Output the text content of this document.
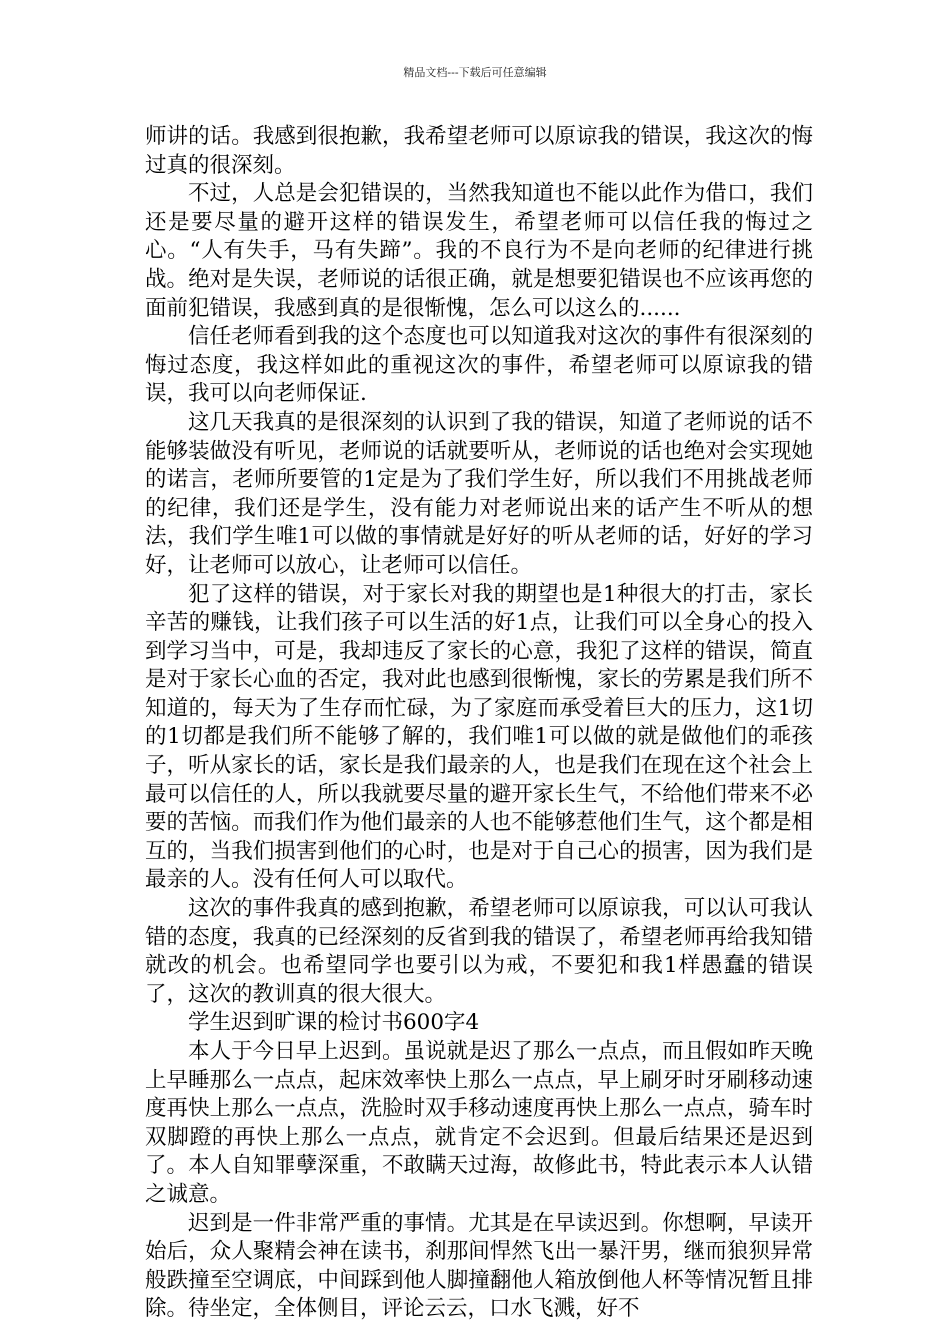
精品文档---下载后可任意编辑

师讲的话。我感到很抱歉，我希望老师可以原谅我的错误，我这次的悔过真的很深刻。

不过，人总是会犯错误的，当然我知道也不能以此作为借口，我们还是要尽量的避开这样的错误发生，希望老师可以信任我的悔过之心。“人有失手，马有失蹄”。我的不良行为不是向老师的纪律进行挑战。绝对是失误，老师说的话很正确，就是想要犯错误也不应该再您的面前犯错误，我感到真的是很惭愧，怎么可以这么的......

信任老师看到我的这个态度也可以知道我对这次的事件有很深刻的悔过态度，我这样如此的重视这次的事件，希望老师可以原谅我的错误，我可以向老师保证.

这几天我真的是很深刻的认识到了我的错误，知道了老师说的话不能够装做没有听见，老师说的话就要听从，老师说的话也绝对会实现她的诺言，老师所要管的1定是为了我们学生好，所以我们不用挑战老师的纪律，我们还是学生，没有能力对老师说出来的话产生不听从的想法，我们学生唯1可以做的事情就是好好的听从老师的话，好好的学习好，让老师可以放心，让老师可以信任。

犯了这样的错误，对于家长对我的期望也是1种很大的打击，家长辛苦的赚钱，让我们孩子可以生活的好1点，让我们可以全身心的投入到学习当中，可是，我却违反了家长的心意，我犯了这样的错误，简直是对于家长心血的否定，我对此也感到很惭愧，家长的劳累是我们所不知道的，每天为了生存而忙碌，为了家庭而承受着巨大的压力，这1切的1切都是我们所不能够了解的，我们唯1可以做的就是做他们的乖孩子，听从家长的话，家长是我们最亲的人，也是我们在现在这个社会上最可以信任的人，所以我就要尽量的避开家长生气，不给他们带来不必要的苦恼。而我们作为他们最亲的人也不能够惹他们生气，这个都是相互的，当我们损害到他们的心时，也是对于自己心的损害，因为我们是最亲的人。没有任何人可以取代。

这次的事件我真的感到抱歉，希望老师可以原谅我，可以认可我认错的态度，我真的已经深刻的反省到我的错误了，希望老师再给我知错就改的机会。也希望同学也要引以为戒，不要犯和我1样愚蠢的错误了，这次的教训真的很大很大。

学生迟到旷课的检讨书600字4

本人于今日早上迟到。虽说就是迟了那么一点点，而且假如昨天晚上早睡那么一点点，起床效率快上那么一点点，早上刷牙时牙刷移动速度再快上那么一点点，洗脸时双手移动速度再快上那么一点点，骑车时双脚蹬的再快上那么一点点，就肯定不会迟到。但最后结果还是迟到了。本人自知罪孽深重，不敢瞒天过海，故修此书，特此表示本人认错之诚意。

迟到是一件非常严重的事情。尤其是在早读迟到。你想啊，早读开始后，众人聚精会神在读书，刹那间悍然飞出一暴汗男，继而狼狈异常般跌撞至空调底，中间踩到他人脚撞翻他人箱放倒他人杯等情况暂且排除。待坐定，全体侧目，评论云云，口水飞溅，好不
